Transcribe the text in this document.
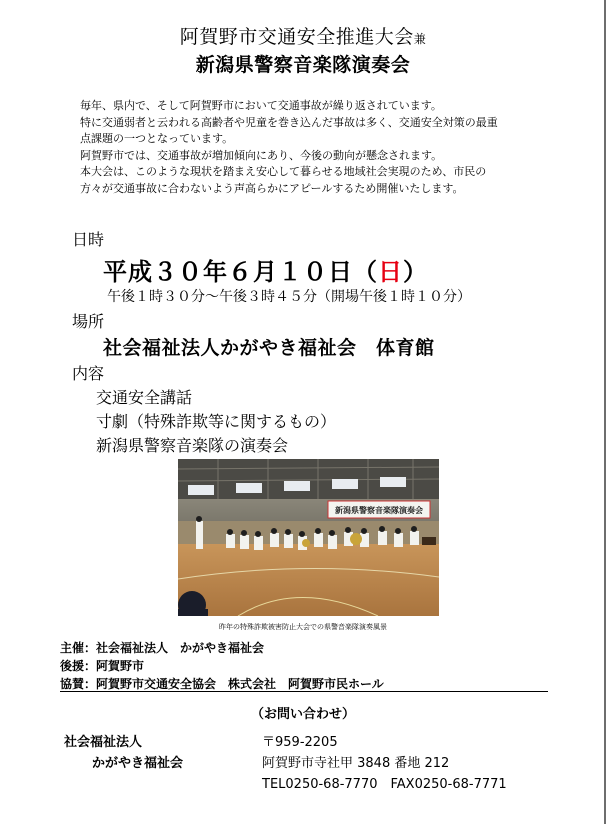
阿賀野市交通安全推進大会兼
新潟県警察音楽隊演奏会

毎年、県内で、そして阿賀野市において交通事故が繰り返されています。

特に交通弱者と云われる高齢者や児童を巻き込んだ事故は多く、交通安全対策の最重

点課題の一つとなっています。

阿賀野市では、交通事故が増加傾向にあり、今後の動向が懸念されます。

本大会は、このような現状を踏まえ安心して暮らせる地域社会実現のため、市民の

方々が交通事故に合わないよう声高らかにアピールするため開催いたします。

日時
平成３０年６月１０日（日）
午後１時３０分～午後３時４５分（開場午後１時１０分）
場所
社会福祉法人かがやき福祉会　体育館
内容
交通安全講話
寸劇（特殊詐欺等に関するもの）
新潟県警察音楽隊の演奏会
新潟県警察音楽隊演奏会
昨年の特殊詐欺被害防止大会での県警音楽隊演奏風景
主催：社会福祉法人　かがやき福祉会
後援：阿賀野市
協賛：阿賀野市交通安全協会　株式会社　阿賀野市民ホール
（お問い合わせ）
社会福祉法人
かがやき福祉会
〒959-2205
阿賀野市寺社甲 3848 番地 212
TEL0250-68-7770　FAX0250-68-7771
